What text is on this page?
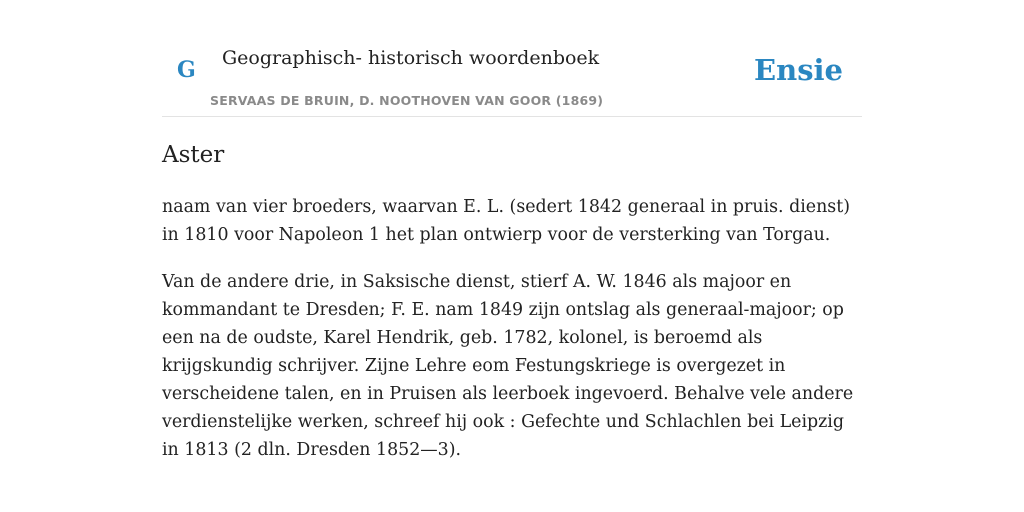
G Geographisch- historisch woordenboek
SERVAAS DE BRUIN, D. NOOTHOVEN VAN GOOR (1869)
Ensie
Aster

naam van vier broeders, waarvan E. L. (sedert 1842 generaal in pruis. dienst) in 1810 voor Napoleon 1 het plan ontwierp voor de versterking van Torgau.

Van de andere drie, in Saksische dienst, stierf A. W. 1846 als majoor en kommandant te Dresden; F. E. nam 1849 zijn ontslag als generaal-majoor; op een na de oudste, Karel Hendrik, geb. 1782, kolonel, is beroemd als krijgskundig schrijver. Zijne Lehre eom Festungskriege is overgezet in verscheidene talen, en in Pruisen als leerboek ingevoerd. Behalve vele andere verdienstelijke werken, schreef hij ook : Gefechte und Schlachlen bei Leipzig in 1813 (2 dln. Dresden 1852—3).
